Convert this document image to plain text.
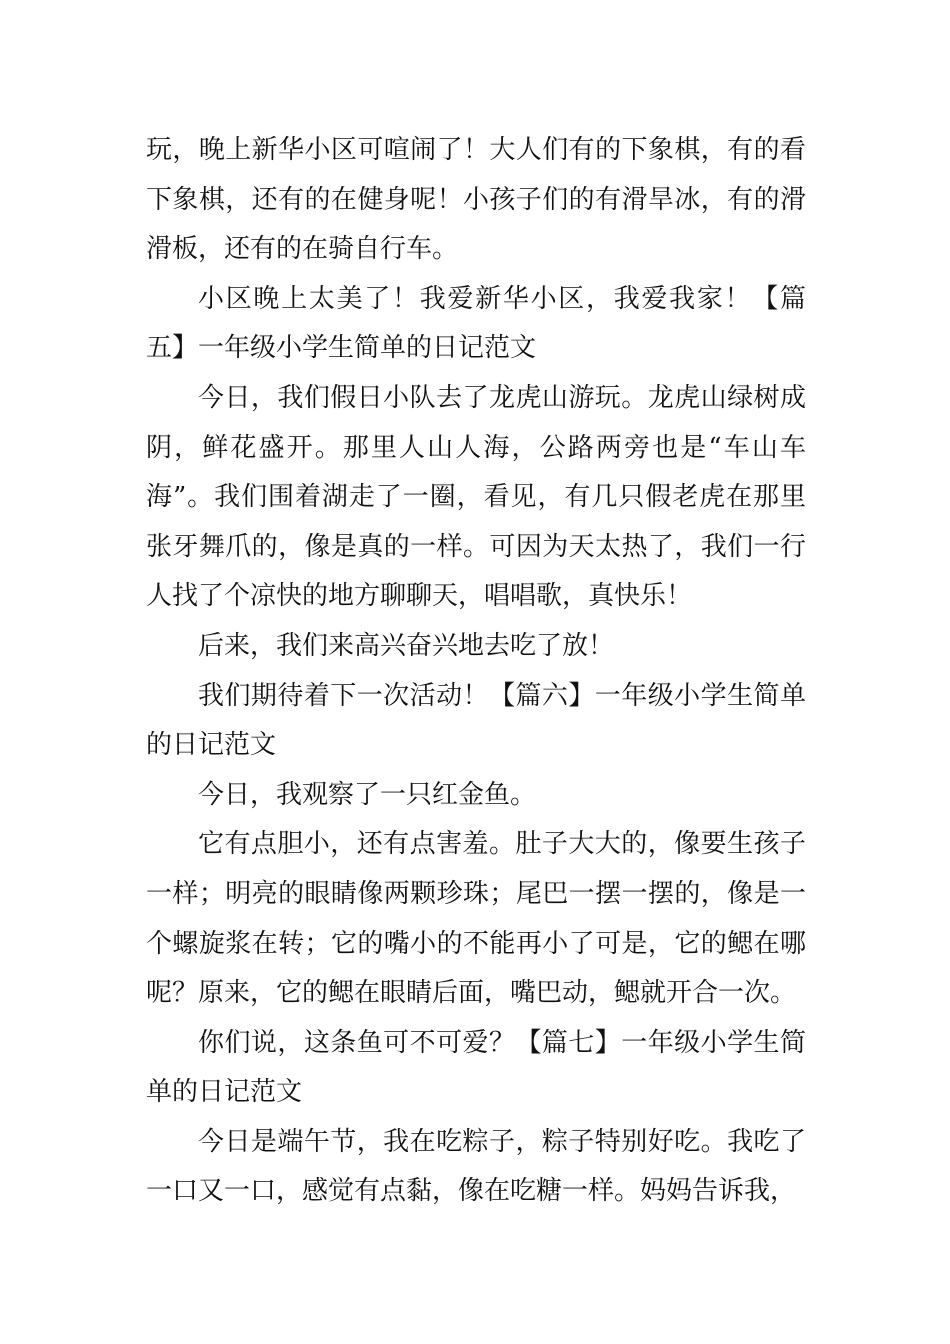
玩，晚上新华小区可喧闹了！大人们有的下象棋，有的看下象棋，还有的在健身呢！小孩子们的有滑旱冰，有的滑滑板，还有的在骑自行车。

小区晚上太美了！我爱新华小区，我爱我家！【篇五】一年级小学生简单的日记范文

今日，我们假日小队去了龙虎山游玩。龙虎山绿树成阴，鲜花盛开。那里人山人海，公路两旁也是“车山车海”。我们围着湖走了一圈，看见，有几只假老虎在那里张牙舞爪的，像是真的一样。可因为天太热了，我们一行人找了个凉快的地方聊聊天，唱唱歌，真快乐！

后来，我们来高兴奋兴地去吃了放！

我们期待着下一次活动！【篇六】一年级小学生简单的日记范文

今日，我观察了一只红金鱼。

它有点胆小，还有点害羞。肚子大大的，像要生孩子一样；明亮的眼睛像两颗珍珠；尾巴一摆一摆的，像是一个螺旋浆在转；它的嘴小的不能再小了可是，它的鳃在哪呢？原来，它的鳃在眼睛后面，嘴巴动，鳃就开合一次。

你们说，这条鱼可不可爱？【篇七】一年级小学生简单的日记范文

今日是端午节，我在吃粽子，粽子特别好吃。我吃了一口又一口，感觉有点黏，像在吃糖一样。妈妈告诉我，
